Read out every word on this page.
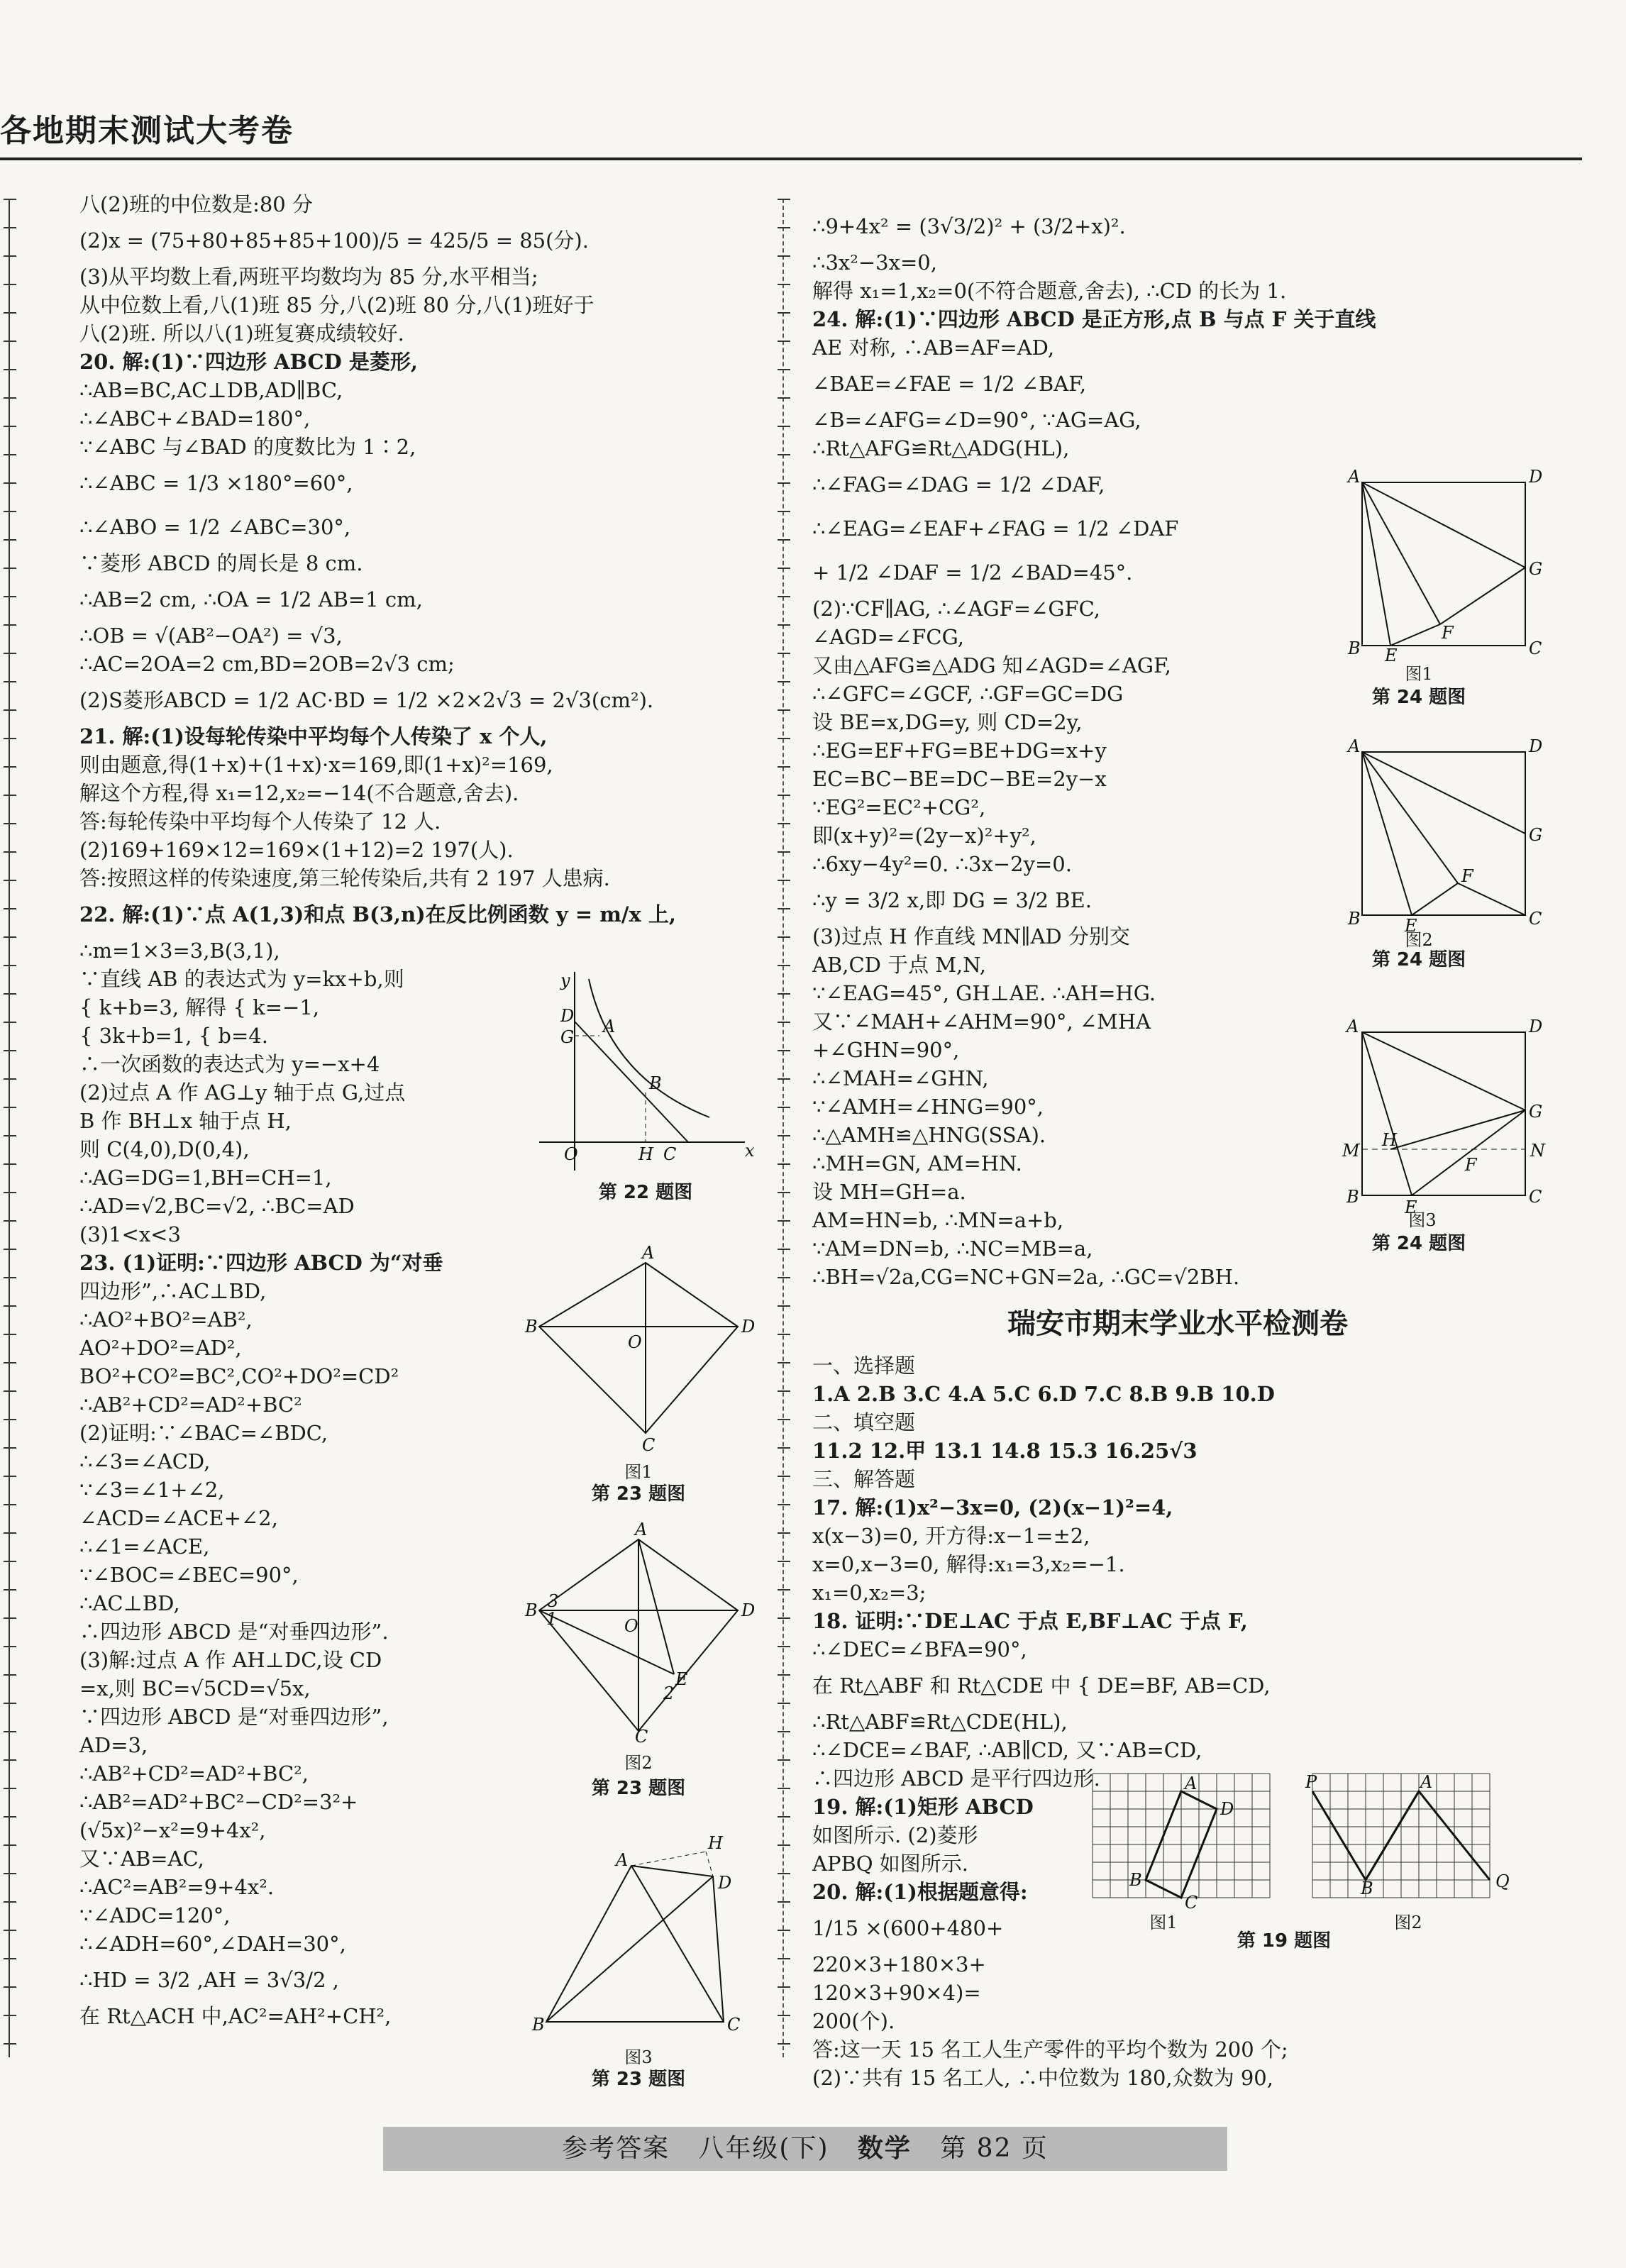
各地期末测试大考卷
八(2)班的中位数是:80 分
(2)x = (75+80+85+85+100)/5 = 425/5 = 85(分).
(3)从平均数上看,两班平均数均为 85 分,水平相当;
从中位数上看,八(1)班 85 分,八(2)班 80 分,八(1)班好于
八(2)班. 所以八(1)班复赛成绩较好.
20. 解:(1)∵四边形 ABCD 是菱形,
∴AB=BC,AC⊥DB,AD∥BC,
∴∠ABC+∠BAD=180°,
∵∠ABC 与∠BAD 的度数比为 1∶2,
∴∠ABC = 1/3 ×180°=60°,
∴∠ABO = 1/2 ∠ABC=30°,
∵菱形 ABCD 的周长是 8 cm.
∴AB=2 cm, ∴OA = 1/2 AB=1 cm,
∴OB = √(AB²−OA²) = √3,
∴AC=2OA=2 cm,BD=2OB=2√3 cm;
(2)S菱形ABCD = 1/2 AC·BD = 1/2 ×2×2√3 = 2√3(cm²).
21. 解:(1)设每轮传染中平均每个人传染了 x 个人,
则由题意,得(1+x)+(1+x)·x=169,即(1+x)²=169,
解这个方程,得 x₁=12,x₂=−14(不合题意,舍去).
答:每轮传染中平均每个人传染了 12 人.
(2)169+169×12=169×(1+12)=2 197(人).
答:按照这样的传染速度,第三轮传染后,共有 2 197 人患病.
22. 解:(1)∵点 A(1,3)和点 B(3,n)在反比例函数 y = m/x 上,
∴m=1×3=3,B(3,1),
∵直线 AB 的表达式为 y=kx+b,则
{ k+b=3, 解得 { k=−1,
{ 3k+b=1, { b=4.
∴一次函数的表达式为 y=−x+4
(2)过点 A 作 AG⊥y 轴于点 G,过点
B 作 BH⊥x 轴于点 H,
则 C(4,0),D(0,4),
∴AG=DG=1,BH=CH=1,
∴AD=√2,BC=√2, ∴BC=AD
(3)1<x<3
23. (1)证明:∵四边形 ABCD 为“对垂
四边形”,∴AC⊥BD,
∴AO²+BO²=AB²,
AO²+DO²=AD²,
BO²+CO²=BC²,CO²+DO²=CD²
∴AB²+CD²=AD²+BC²
(2)证明:∵∠BAC=∠BDC,
∴∠3=∠ACD,
∵∠3=∠1+∠2,
∠ACD=∠ACE+∠2,
∴∠1=∠ACE,
∵∠BOC=∠BEC=90°,
∴AC⊥BD,
∴四边形 ABCD 是“对垂四边形”.
(3)解:过点 A 作 AH⊥DC,设 CD
=x,则 BC=√5CD=√5x,
∵四边形 ABCD 是“对垂四边形”,
AD=3,
∴AB²+CD²=AD²+BC²,
∴AB²=AD²+BC²−CD²=3²+
(√5x)²−x²=9+4x²,
又∵AB=AC,
∴AC²=AB²=9+4x².
∵∠ADC=120°,
∴∠ADH=60°,∠DAH=30°,
∴HD = 3/2 ,AH = 3√3/2 ,
在 Rt△ACH 中,AC²=AH²+CH²,
∴9+4x² = (3√3/2)² + (3/2+x)².
∴3x²−3x=0,
解得 x₁=1,x₂=0(不符合题意,舍去), ∴CD 的长为 1.
24. 解:(1)∵四边形 ABCD 是正方形,点 B 与点 F 关于直线
AE 对称, ∴AB=AF=AD,
∠BAE=∠FAE = 1/2 ∠BAF,
∠B=∠AFG=∠D=90°, ∵AG=AG,
∴Rt△AFG≌Rt△ADG(HL),
∴∠FAG=∠DAG = 1/2 ∠DAF,
∴∠EAG=∠EAF+∠FAG = 1/2 ∠DAF
+ 1/2 ∠DAF = 1/2 ∠BAD=45°.
(2)∵CF∥AG, ∴∠AGF=∠GFC,
∠AGD=∠FCG,
又由△AFG≌△ADG 知∠AGD=∠AGF,
∴∠GFC=∠GCF, ∴GF=GC=DG
设 BE=x,DG=y, 则 CD=2y,
∴EG=EF+FG=BE+DG=x+y
EC=BC−BE=DC−BE=2y−x
∵EG²=EC²+CG²,
即(x+y)²=(2y−x)²+y²,
∴6xy−4y²=0. ∴3x−2y=0.
∴y = 3/2 x,即 DG = 3/2 BE.
(3)过点 H 作直线 MN∥AD 分别交
AB,CD 于点 M,N,
∵∠EAG=45°, GH⊥AE. ∴AH=HG.
又∵∠MAH+∠AHM=90°, ∠MHA
+∠GHN=90°,
∴∠MAH=∠GHN,
∵∠AMH=∠HNG=90°,
∴△AMH≌△HNG(SSA).
∴MH=GN, AM=HN.
设 MH=GH=a.
AM=HN=b, ∴MN=a+b,
∵AM=DN=b, ∴NC=MB=a,
∴BH=√2a,CG=NC+GN=2a, ∴GC=√2BH.
瑞安市期末学业水平检测卷
一、选择题
1.A 2.B 3.C 4.A 5.C 6.D 7.C 8.B 9.B 10.D
二、填空题
11.2 12.甲 13.1 14.8 15.3 16.25√3
三、解答题
17. 解:(1)x²−3x=0, (2)(x−1)²=4,
x(x−3)=0, 开方得:x−1=±2,
x=0,x−3=0, 解得:x₁=3,x₂=−1.
x₁=0,x₂=3;
18. 证明:∵DE⊥AC 于点 E,BF⊥AC 于点 F,
∴∠DEC=∠BFA=90°,
在 Rt△ABF 和 Rt△CDE 中 { DE=BF, AB=CD,
∴Rt△ABF≌Rt△CDE(HL),
∴∠DCE=∠BAF, ∴AB∥CD, 又∵AB=CD,
∴四边形 ABCD 是平行四边形.
19. 解:(1)矩形 ABCD
如图所示. (2)菱形
APBQ 如图所示.
20. 解:(1)根据题意得:
1/15 ×(600+480+
220×3+180×3+
120×3+90×4)=
200(个).
答:这一天 15 名工人生产零件的平均个数为 200 个;
(2)∵共有 15 名工人, ∴中位数为 180,众数为 90,
y
x
D
G
A
B
O	H C
第 22 题图
A
B	D
C
O
图1
第 23 题图
A
B	D
C
O
E
3
1
2
图2
第 23 题图
A
H
D
B	C
图3
第 23 题图
A	D
G
B	C
E
F
图1
第 24 题图
A	D
G
B	C
E
F
图2
第 24 题图
A	D
G
M
H
N
B	C
E
F
图3
第 24 题图
A
D
B
C
图1
P	A
B	Q
图2
第 19 题图
参考答案 八年级(下) 数学 第 82 页
